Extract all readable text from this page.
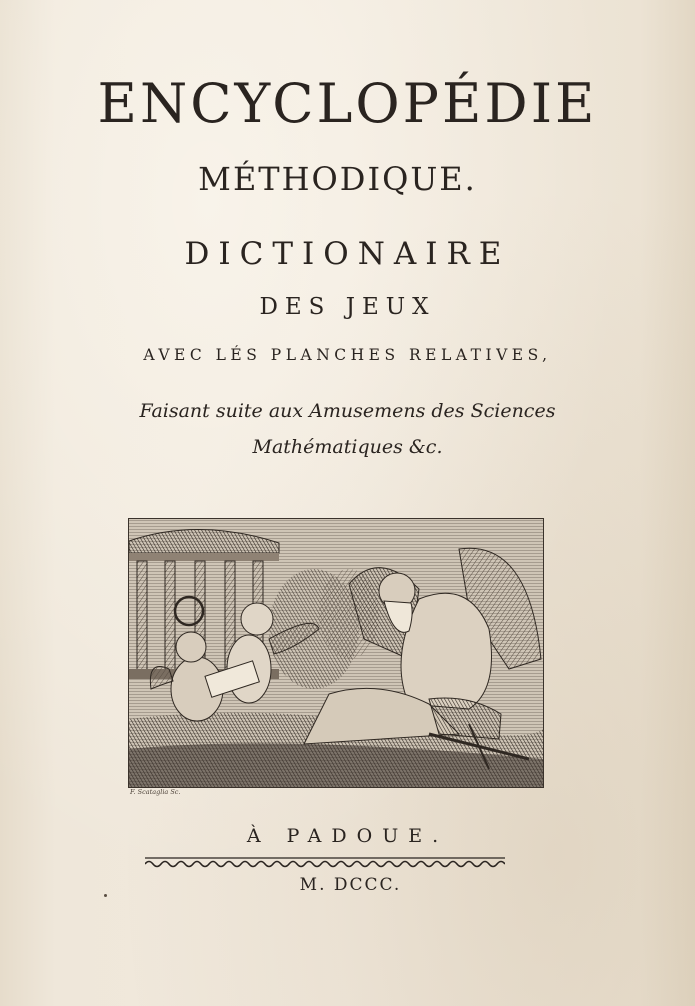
ENCYCLOPÉDIE
MÉTHODIQUE.
DICTIONAIRE
DES JEUX
AVEC LÉS PLANCHES RELATIVES,
Faisant suite aux Amusemens des Sciences
Mathématiques &c.
F. Scataglia Sc.
À PADOUE.
M. DCCC.
